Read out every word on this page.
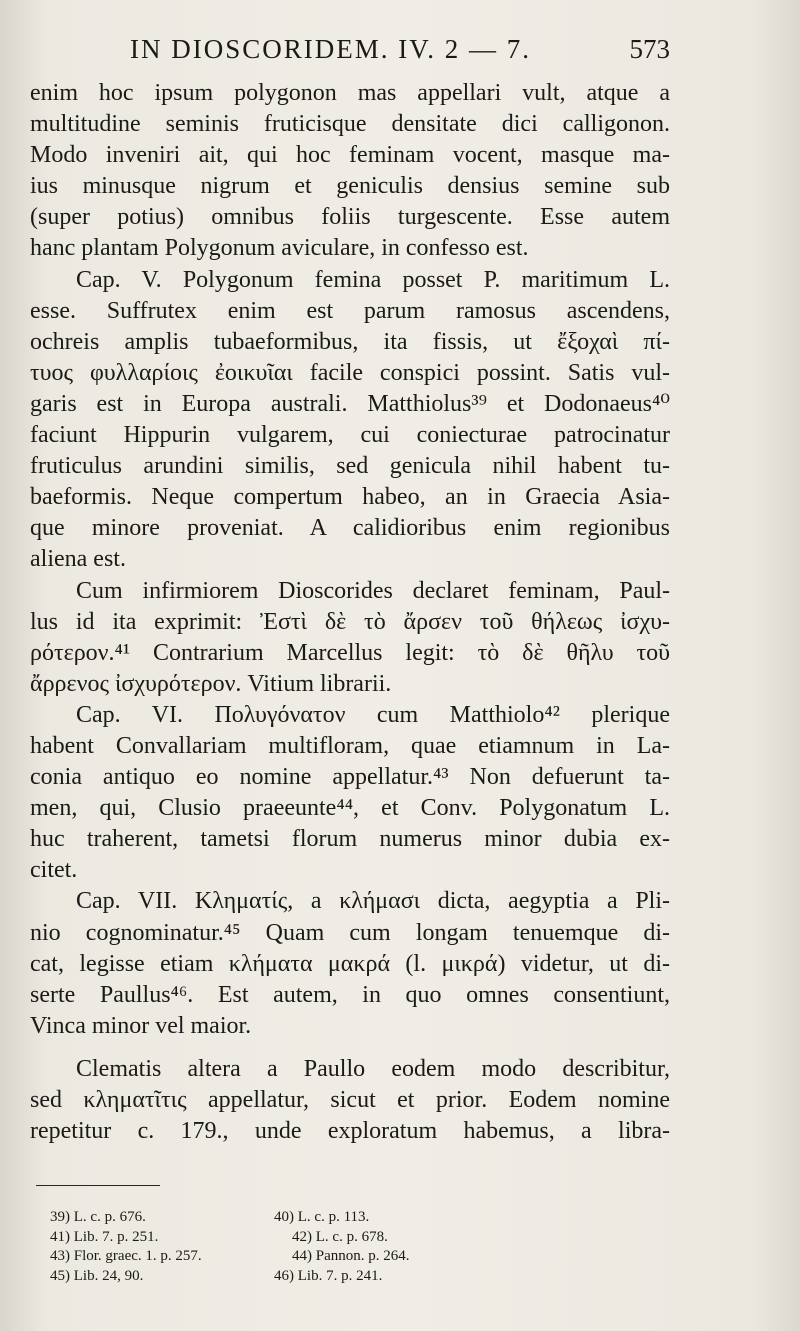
IN DIOSCORIDEM. IV. 2 — 7.	573
enim hoc ipsum polygonon mas appellari vult, atque a
multitudine seminis fruticisque densitate dici calligonon.
Modo inveniri ait, qui hoc feminam vocent, masque ma-
ius minusque nigrum et geniculis densius semine sub
(super potius) omnibus foliis turgescente. Esse autem
hanc plantam Polygonum aviculare, in confesso est.
Cap. V. Polygonum femina posset P. maritimum L.
esse. Suffrutex enim est parum ramosus ascendens,
ochreis amplis tubaeformibus, ita fissis, ut ἔξοχαὶ πί-
τυος φυλλαρίοις ἐοικυῖαι facile conspici possint. Satis vul-
garis est in Europa australi. Matthiolus³⁹ et Dodonaeus⁴⁰
faciunt Hippurin vulgarem, cui coniecturae patrocinatur
fruticulus arundini similis, sed genicula nihil habent tu-
baeformis. Neque compertum habeo, an in Graecia Asia-
que minore proveniat. A calidioribus enim regionibus
aliena est.
Cum infirmiorem Dioscorides declaret feminam, Paul-
lus id ita exprimit: Ἐστὶ δὲ τὸ ἄρσεν τοῦ θήλεως ἰσχυ-
ρότερον.⁴¹ Contrarium Marcellus legit: τὸ δὲ θῆλυ τοῦ
ἄρρενος ἰσχυρότερον. Vitium librarii.
Cap. VI. Πολυγόνατον cum Matthiolo⁴² plerique
habent Convallariam multifloram, quae etiamnum in La-
conia antiquo eo nomine appellatur.⁴³ Non defuerunt ta-
men, qui, Clusio praeeunte⁴⁴, et Conv. Polygonatum L.
huc traherent, tametsi florum numerus minor dubia ex-
citet.
Cap. VII. Κληματίς, a κλήμασι dicta, aegyptia a Pli-
nio cognominatur.⁴⁵ Quam cum longam tenuemque di-
cat, legisse etiam κλήματα μακρά (l. μικρά) videtur, ut di-
serte Paullus⁴⁶. Est autem, in quo omnes consentiunt,
Vinca minor vel maior.
Clematis altera a Paullo eodem modo describitur,
sed κληματῖτις appellatur, sicut et prior. Eodem nomine
repetitur c. 179., unde exploratum habemus, a libra-
39) L. c. p. 676.	40) L. c. p. 113.
41) Lib. 7. p. 251.	42) L. c. p. 678.
43) Flor. graec. 1. p. 257.	44) Pannon. p. 264.
45) Lib. 24, 90.	46) Lib. 7. p. 241.
